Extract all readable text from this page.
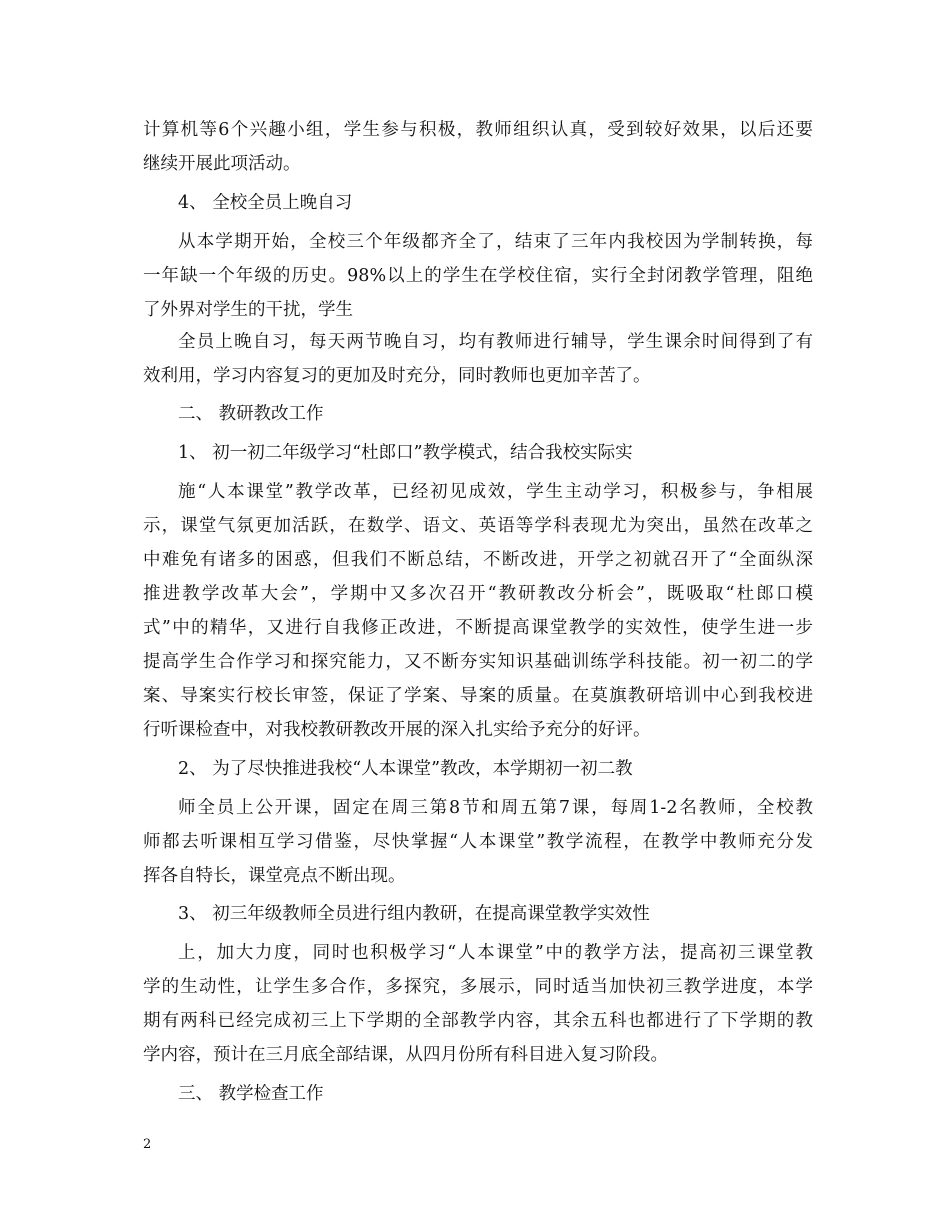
计算机等6个兴趣小组，学生参与积极，教师组织认真，受到较好效果，以后还要
继续开展此项活动。
4、 全校全员上晚自习
从本学期开始，全校三个年级都齐全了，结束了三年内我校因为学制转换，每
一年缺一个年级的历史。98%以上的学生在学校住宿，实行全封闭教学管理，阻绝
了外界对学生的干扰，学生
全员上晚自习，每天两节晚自习，均有教师进行辅导，学生课余时间得到了有
效利用，学习内容复习的更加及时充分，同时教师也更加辛苦了。
二、 教研教改工作
1、 初一初二年级学习“杜郎口”教学模式，结合我校实际实
施“人本课堂”教学改革，已经初见成效，学生主动学习，积极参与，争相展
示，课堂气氛更加活跃，在数学、语文、英语等学科表现尤为突出，虽然在改革之
中难免有诸多的困惑，但我们不断总结，不断改进，开学之初就召开了“全面纵深
推进教学改革大会”，学期中又多次召开“教研教改分析会”，既吸取“杜郎口模
式”中的精华，又进行自我修正改进，不断提高课堂教学的实效性，使学生进一步
提高学生合作学习和探究能力，又不断夯实知识基础训练学科技能。初一初二的学
案、导案实行校长审签，保证了学案、导案的质量。在莫旗教研培训中心到我校进
行听课检查中，对我校教研教改开展的深入扎实给予充分的好评。
2、 为了尽快推进我校“人本课堂”教改，本学期初一初二教
师全员上公开课，固定在周三第8节和周五第7课，每周1-2名教师，全校教
师都去听课相互学习借鉴，尽快掌握“人本课堂”教学流程，在教学中教师充分发
挥各自特长，课堂亮点不断出现。
3、 初三年级教师全员进行组内教研，在提高课堂教学实效性
上，加大力度，同时也积极学习“人本课堂”中的教学方法，提高初三课堂教
学的生动性，让学生多合作，多探究，多展示，同时适当加快初三教学进度，本学
期有两科已经完成初三上下学期的全部教学内容，其余五科也都进行了下学期的教
学内容，预计在三月底全部结课，从四月份所有科目进入复习阶段。
三、 教学检查工作
2
